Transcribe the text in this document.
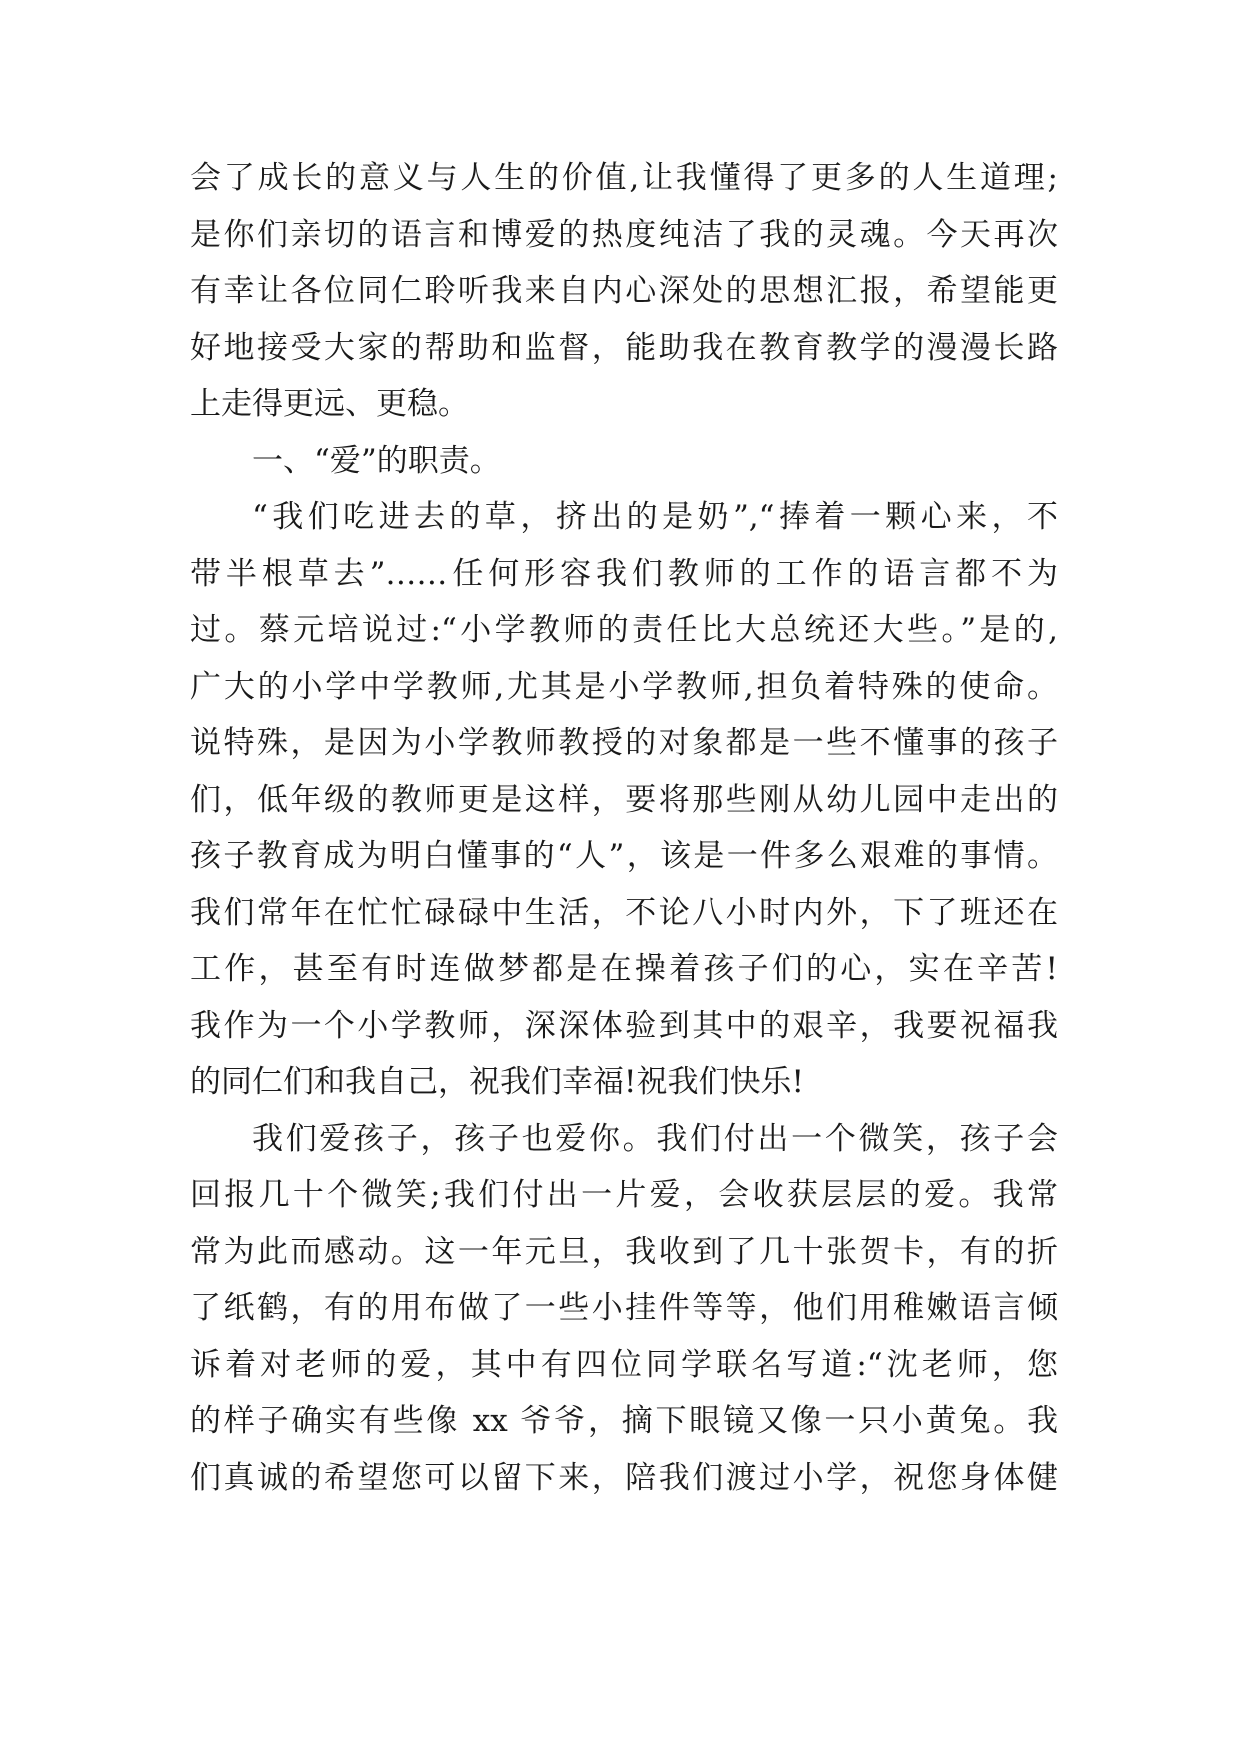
会了成长的意义与人生的价值,让我懂得了更多的人生道理;
是你们亲切的语言和博爱的热度纯洁了我的灵魂。今天再次
有幸让各位同仁聆听我来自内心深处的思想汇报，希望能更
好地接受大家的帮助和监督，能助我在教育教学的漫漫长路
上走得更远、更稳。
一、“爱”的职责。
“我们吃进去的草，挤出的是奶”,“捧着一颗心来，不
带半根草去”……任何形容我们教师的工作的语言都不为
过。蔡元培说过:“小学教师的责任比大总统还大些。”是的,
广大的小学中学教师,尤其是小学教师,担负着特殊的使命。
说特殊，是因为小学教师教授的对象都是一些不懂事的孩子
们，低年级的教师更是这样，要将那些刚从幼儿园中走出的
孩子教育成为明白懂事的“人”，该是一件多么艰难的事情。
我们常年在忙忙碌碌中生活，不论八小时内外，下了班还在
工作，甚至有时连做梦都是在操着孩子们的心，实在辛苦!
我作为一个小学教师，深深体验到其中的艰辛，我要祝福我
的同仁们和我自己，祝我们幸福!祝我们快乐!
我们爱孩子，孩子也爱你。我们付出一个微笑，孩子会
回报几十个微笑;我们付出一片爱，会收获层层的爱。我常
常为此而感动。这一年元旦，我收到了几十张贺卡，有的折
了纸鹤，有的用布做了一些小挂件等等，他们用稚嫩语言倾
诉着对老师的爱，其中有四位同学联名写道:“沈老师，您
的样子确实有些像 xx 爷爷，摘下眼镜又像一只小黄兔。我
们真诚的希望您可以留下来，陪我们渡过小学，祝您身体健
